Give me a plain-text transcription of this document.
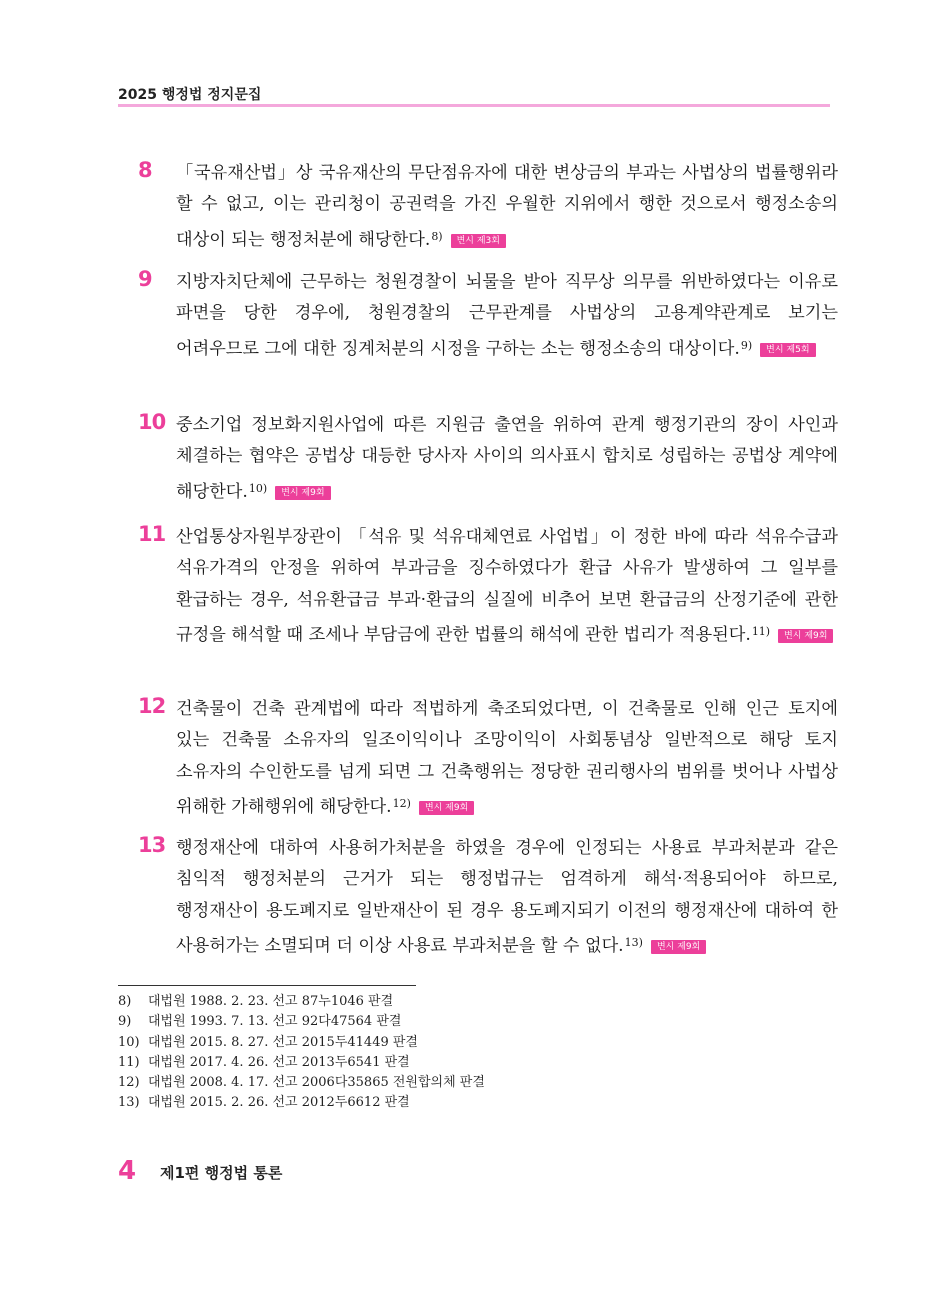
2025 행정법 정지문집
8	「국유재산법」상 국유재산의 무단점유자에 대한 변상금의 부과는 사법상의 법률행위라 할 수 없고, 이는 관리청이 공권력을 가진 우월한 지위에서 행한 것으로서 행정소송의 대상이 되는 행정처분에 해당한다.$^{8)}$ 변시 제3회
9	지방자치단체에 근무하는 청원경찰이 뇌물을 받아 직무상 의무를 위반하였다는 이유로 파면을 당한 경우에, 청원경찰의 근무관계를 사법상의 고용계약관계로 보기는 어려우므로 그에 대한 징계처분의 시정을 구하는 소는 행정소송의 대상이다.$^{9)}$ 변시 제5회
10 중소기업 정보화지원사업에 따른 지원금 출연을 위하여 관계 행정기관의 장이 사인과 체결하는 협약은 공법상 대등한 당사자 사이의 의사표시 합치로 성립하는 공법상 계약에 해당한다.$^{10)}$ 변시 제9회
11 산업통상자원부장관이 「석유 및 석유대체연료 사업법」이 정한 바에 따라 석유수급과 석유가격의 안정을 위하여 부과금을 징수하였다가 환급 사유가 발생하여 그 일부를 환급하는 경우, 석유환급금 부과·환급의 실질에 비추어 보면 환급금의 산정기준에 관한 규정을 해석할 때 조세나 부담금에 관한 법률의 해석에 관한 법리가 적용된다.$^{11)}$ 변시 제9회
12 건축물이 건축 관계법에 따라 적법하게 축조되었다면, 이 건축물로 인해 인근 토지에 있는 건축물 소유자의 일조이익이나 조망이익이 사회통념상 일반적으로 해당 토지 소유자의 수인한도를 넘게 되면 그 건축행위는 정당한 권리행사의 범위를 벗어나 사법상 위해한 가해행위에 해당한다.$^{12)}$ 변시 제9회
13 행정재산에 대하여 사용허가처분을 하였을 경우에 인정되는 사용료 부과처분과 같은 침익적 행정처분의 근거가 되는 행정법규는 엄격하게 해석·적용되어야 하므로, 행정재산이 용도폐지로 일반재산이 된 경우 용도폐지되기 이전의 행정재산에 대하여 한 사용허가는 소멸되며 더 이상 사용료 부과처분을 할 수 없다.$^{13)}$ 변시 제9회
8)	대법원 1988. 2. 23. 선고 87누1046 판결
9)	대법원 1993. 7. 13. 선고 92다47564 판결
10) 대법원 2015. 8. 27. 선고 2015두41449 판결
11) 대법원 2017. 4. 26. 선고 2013두6541 판결
12) 대법원 2008. 4. 17. 선고 2006다35865 전원합의체 판결
13) 대법원 2015. 2. 26. 선고 2012두6612 판결
4 제1편 행정법 통론
